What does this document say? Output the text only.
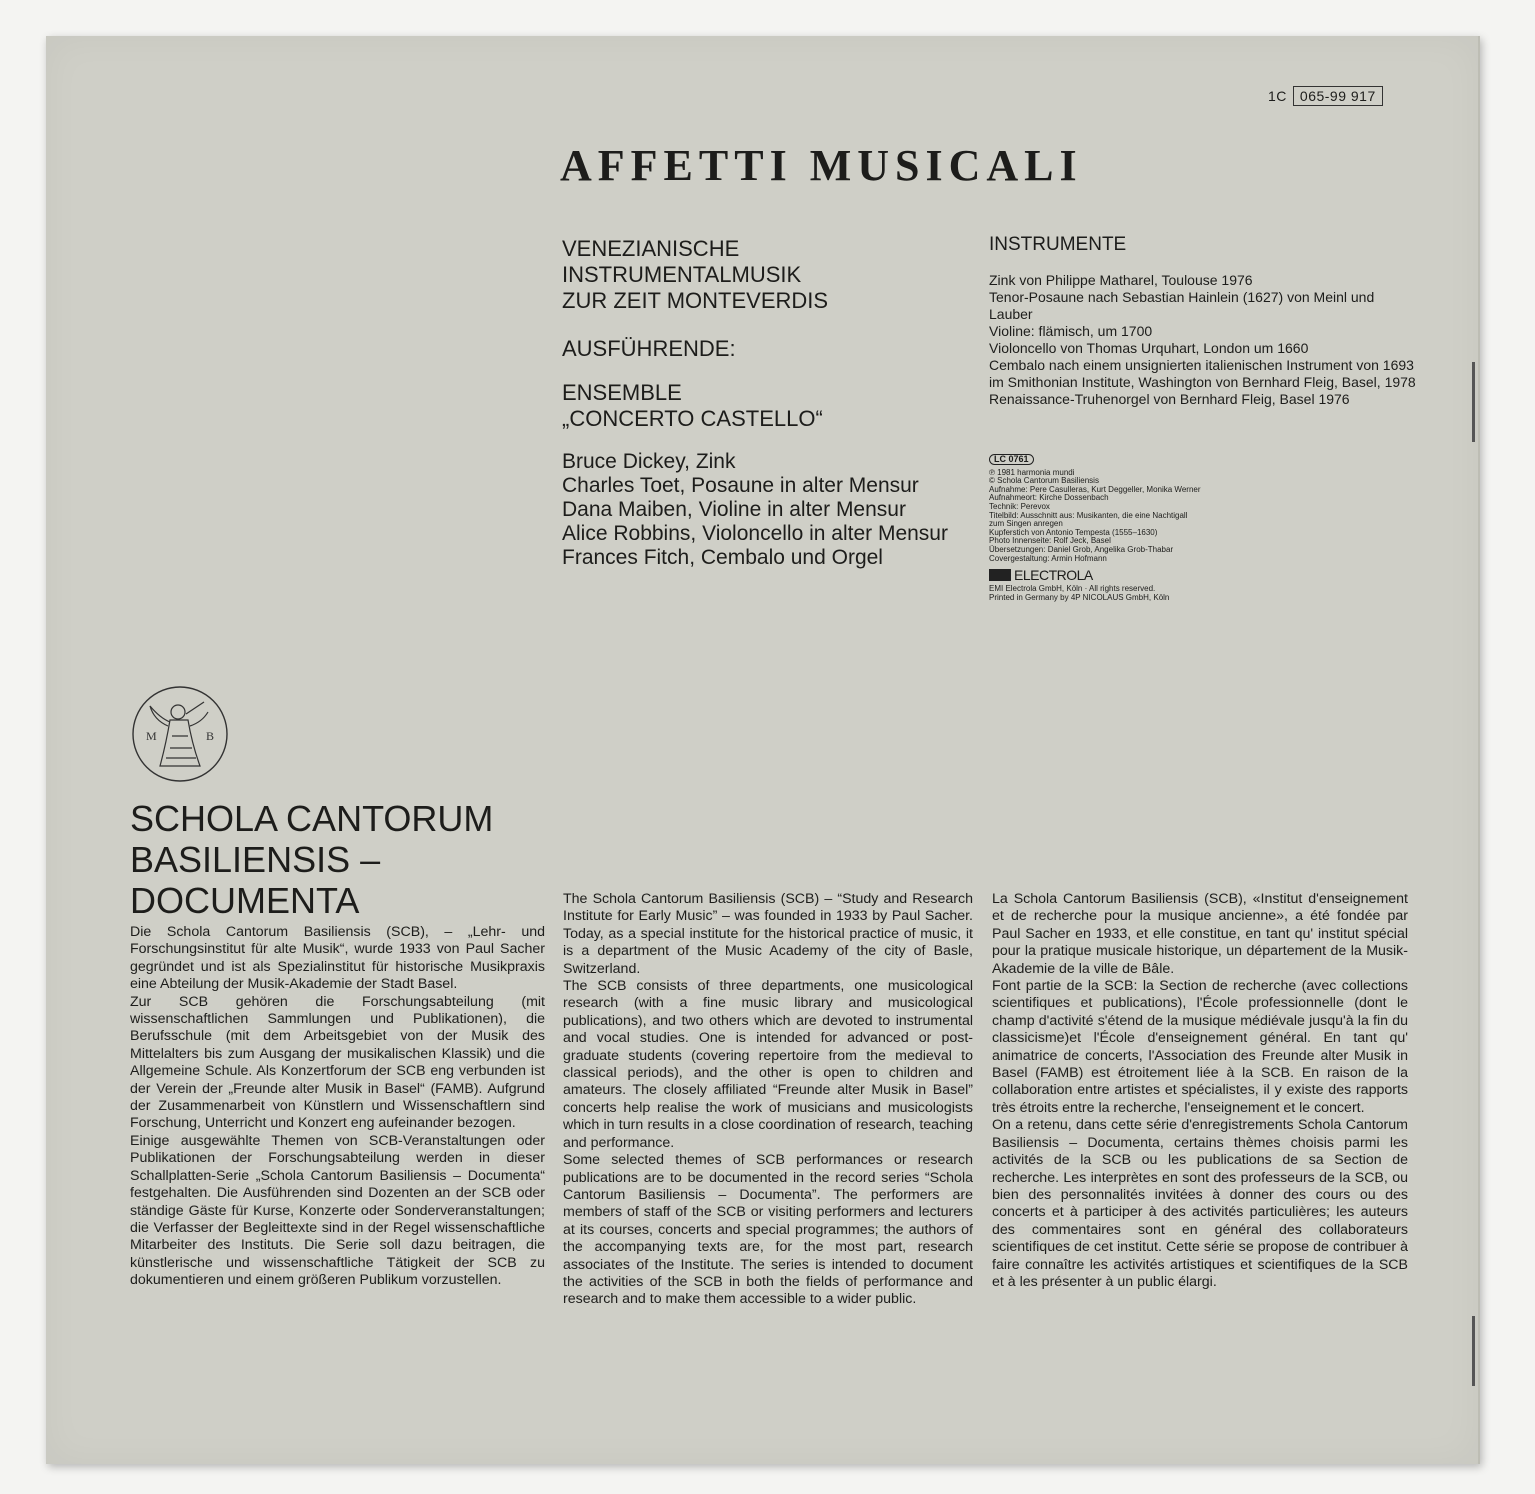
1C 065-99 917
AFFETTI MUSICALI
VENEZIANISCHE
INSTRUMENTALMUSIK
ZUR ZEIT MONTEVERDIS
AUSFÜHRENDE:
ENSEMBLE
„CONCERTO CASTELLO“
Bruce Dickey, Zink
Charles Toet, Posaune in alter Mensur
Dana Maiben, Violine in alter Mensur
Alice Robbins, Violoncello in alter Mensur
Frances Fitch, Cembalo und Orgel
INSTRUMENTE
Zink von Philippe Matharel, Toulouse 1976
Tenor-Posaune nach Sebastian Hainlein (1627) von Meinl und Lauber
Violine: flämisch, um 1700
Violoncello von Thomas Urquhart, London um 1660
Cembalo nach einem unsignierten italienischen Instrument von 1693 im Smithonian Institute, Washington von Bernhard Fleig, Basel, 1978
Renaissance-Truhenorgel von Bernhard Fleig, Basel 1976
LC 0761
℗ 1981 harmonia mundi
© Schola Cantorum Basiliensis
Aufnahme: Pere Casulleras, Kurt Deggeller, Monika Werner
Aufnahmeort: Kirche Dossenbach
Technik: Perevox
Titelbild: Ausschnitt aus: Musikanten, die eine Nachtigall
zum Singen anregen
Kupferstich von Antonio Tempesta (1555–1630)
Photo Innenseite: Rolf Jeck, Basel
Übersetzungen: Daniel Grob, Angelika Grob-Thabar
Covergestaltung: Armin Hofmann
ELECTROLA
EMI Electrola GmbH, Köln · All rights reserved.
Printed in Germany by 4P NICOLAUS GmbH, Köln
M	B
SCHOLA CANTORUM
BASILIENSIS –
DOCUMENTA

Die Schola Cantorum Basiliensis (SCB), – „Lehr- und Forschungsinstitut für alte Musik“, wurde 1933 von Paul Sacher gegründet und ist als Spezialinstitut für historische Musikpraxis eine Abteilung der Musik-Akademie der Stadt Basel.

Zur SCB gehören die Forschungsabteilung (mit wissenschaftlichen Sammlungen und Publikationen), die Berufsschule (mit dem Arbeitsgebiet von der Musik des Mittelalters bis zum Ausgang der musikalischen Klassik) und die Allgemeine Schule. Als Konzertforum der SCB eng verbunden ist der Verein der „Freunde alter Musik in Basel“ (FAMB). Aufgrund der Zusammenarbeit von Künstlern und Wissenschaftlern sind Forschung, Unterricht und Konzert eng aufeinander bezogen.

Einige ausgewählte Themen von SCB-Veranstaltungen oder Publikationen der Forschungsabteilung werden in dieser Schallplatten-Serie „Schola Cantorum Basiliensis – Documenta“ festgehalten. Die Ausführenden sind Dozenten an der SCB oder ständige Gäste für Kurse, Konzerte oder Sonderveranstaltungen; die Verfasser der Begleittexte sind in der Regel wissenschaftliche Mitarbeiter des Instituts. Die Serie soll dazu beitragen, die künstlerische und wissenschaftliche Tätigkeit der SCB zu dokumentieren und einem größeren Publikum vorzustellen.

The Schola Cantorum Basiliensis (SCB) – “Study and Research Institute for Early Music” – was founded in 1933 by Paul Sacher. Today, as a special institute for the historical practice of music, it is a department of the Music Academy of the city of Basle, Switzerland.

The SCB consists of three departments, one musicological research (with a fine music library and musicological publications), and two others which are devoted to instrumental and vocal studies. One is intended for advanced or post-graduate students (covering repertoire from the medieval to classical periods), and the other is open to children and amateurs. The closely affiliated “Freunde alter Musik in Basel” concerts help realise the work of musicians and musicologists which in turn results in a close coordination of research, teaching and performance.

Some selected themes of SCB performances or research publications are to be documented in the record series “Schola Cantorum Basiliensis – Documenta”. The performers are members of staff of the SCB or visiting performers and lecturers at its courses, concerts and special programmes; the authors of the accompanying texts are, for the most part, research associates of the Institute. The series is intended to document the activities of the SCB in both the fields of performance and research and to make them accessible to a wider public.

La Schola Cantorum Basiliensis (SCB), «Institut d'enseignement et de recherche pour la musique ancienne», a été fondée par Paul Sacher en 1933, et elle constitue, en tant qu' institut spécial pour la pratique musicale historique, un département de la Musik-Akademie de la ville de Bâle.

Font partie de la SCB: la Section de recherche (avec collections scientifiques et publications), l'École professionnelle (dont le champ d'activité s'étend de la musique médiévale jusqu'à la fin du classicisme)et l'École d'enseignement général. En tant qu' animatrice de concerts, l'Association des Freunde alter Musik in Basel (FAMB) est étroitement liée à la SCB. En raison de la collaboration entre artistes et spécialistes, il y existe des rapports très étroits entre la recherche, l'enseignement et le concert.

On a retenu, dans cette série d'enregistrements Schola Cantorum Basiliensis – Documenta, certains thèmes choisis parmi les activités de la SCB ou les publications de sa Section de recherche. Les interprètes en sont des professeurs de la SCB, ou bien des personnalités invitées à donner des cours ou des concerts et à participer à des activités particulières; les auteurs des commentaires sont en général des collaborateurs scientifiques de cet institut. Cette série se propose de contribuer à faire connaître les activités artistiques et scientifiques de la SCB et à les présenter à un public élargi.
